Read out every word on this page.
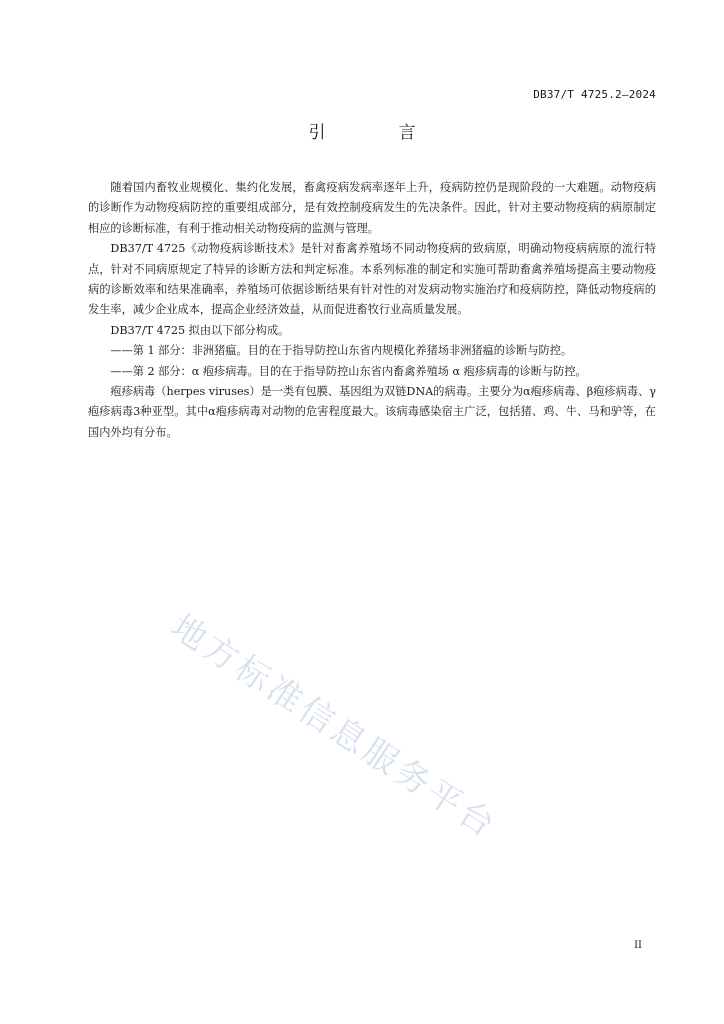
DB37/T 4725.2—2024
引　言

随着国内畜牧业规模化、集约化发展，畜禽疫病发病率逐年上升，疫病防控仍是现阶段的一大难题。动物疫病的诊断作为动物疫病防控的重要组成部分，是有效控制疫病发生的先决条件。因此，针对主要动物疫病的病原制定相应的诊断标准，有利于推动相关动物疫病的监测与管理。

DB37/T 4725《动物疫病诊断技术》是针对畜禽养殖场不同动物疫病的致病原，明确动物疫病病原的流行特点，针对不同病原规定了特异的诊断方法和判定标准。本系列标准的制定和实施可帮助畜禽养殖场提高主要动物疫病的诊断效率和结果准确率，养殖场可依据诊断结果有针对性的对发病动物实施治疗和疫病防控，降低动物疫病的发生率，减少企业成本，提高企业经济效益，从而促进畜牧行业高质量发展。

DB37/T 4725 拟由以下部分构成。

——第 1 部分：非洲猪瘟。目的在于指导防控山东省内规模化养猪场非洲猪瘟的诊断与防控。

——第 2 部分：α 疱疹病毒。目的在于指导防控山东省内畜禽养殖场 α 疱疹病毒的诊断与防控。

疱疹病毒（herpes viruses）是一类有包膜、基因组为双链DNA的病毒。主要分为α疱疹病毒、β疱疹病毒、γ疱疹病毒3种亚型。其中α疱疹病毒对动物的危害程度最大。该病毒感染宿主广泛，包括猪、鸡、牛、马和驴等，在国内外均有分布。

地方标准信息服务平台
II
